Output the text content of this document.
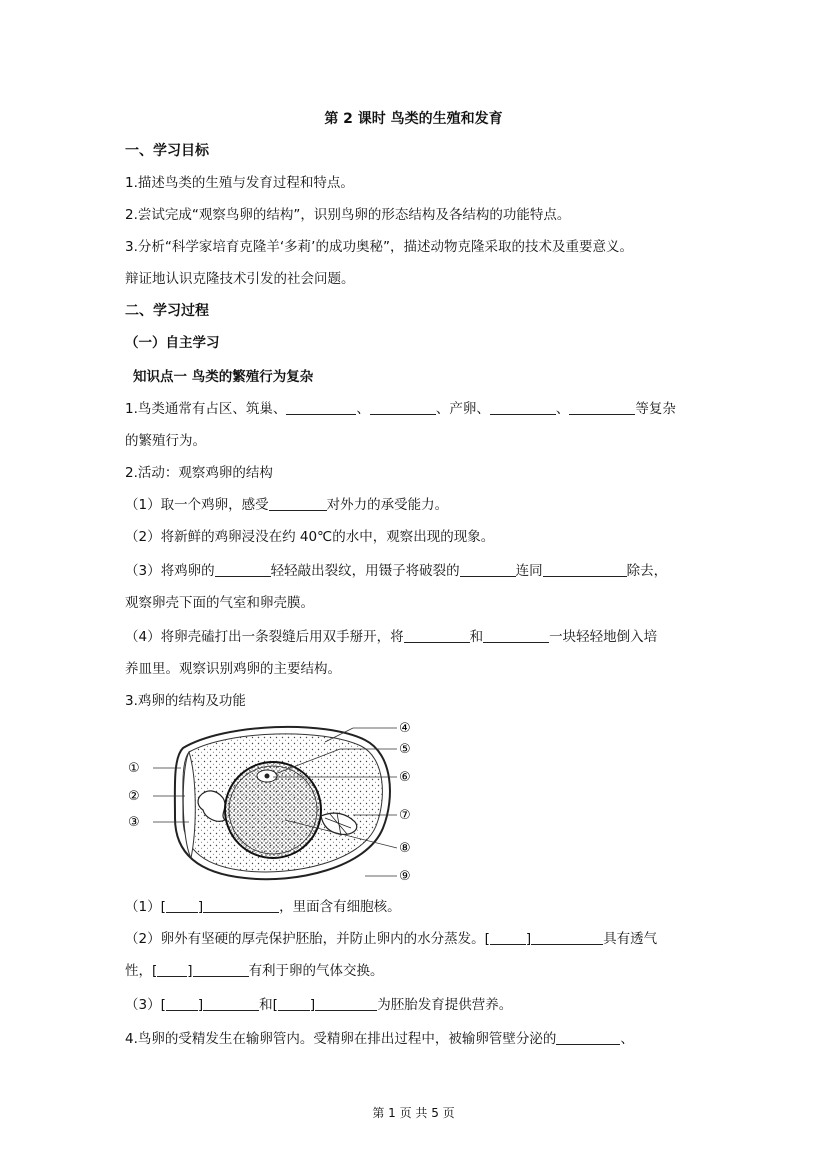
第 2 课时 鸟类的生殖和发育
一、学习目标
1.描述鸟类的生殖与发育过程和特点。
2.尝试完成“观察鸟卵的结构”，识别鸟卵的形态结构及各结构的功能特点。
3.分析“科学家培育克隆羊‘多莉’的成功奥秘”，描述动物克隆采取的技术及重要意义。
辩证地认识克隆技术引发的社会问题。
二、学习过程
（一）自主学习
知识点一 鸟类的繁殖行为复杂
1.鸟类通常有占区、筑巢、	、	、产卵、	、	等复杂
的繁殖行为。
2.活动：观察鸡卵的结构
（1）取一个鸡卵，感受	对外力的承受能力。
（2）将新鲜的鸡卵浸没在约 40℃的水中，观察出现的现象。
（3）将鸡卵的	轻轻敲出裂纹，用镊子将破裂的	连同	除去，
观察卵壳下面的气室和卵壳膜。
（4）将卵壳磕打出一条裂缝后用双手掰开，将	和	一块轻轻地倒入培
养皿里。观察识别鸡卵的主要结构。
3.鸡卵的结构及功能
①
②
③
④
⑤
⑥
⑦
⑧
⑨
（1）[ ]	，里面含有细胞核。
（2）卵外有坚硬的厚壳保护胚胎，并防止卵内的水分蒸发。[	]	具有透气
性，[ ]	有利于卵的气体交换。
（3）[ ]	和[ ]	为胚胎发育提供营养。
4.鸟卵的受精发生在输卵管内。受精卵在排出过程中，被输卵管壁分泌的	、
第 1 页 共 5 页
